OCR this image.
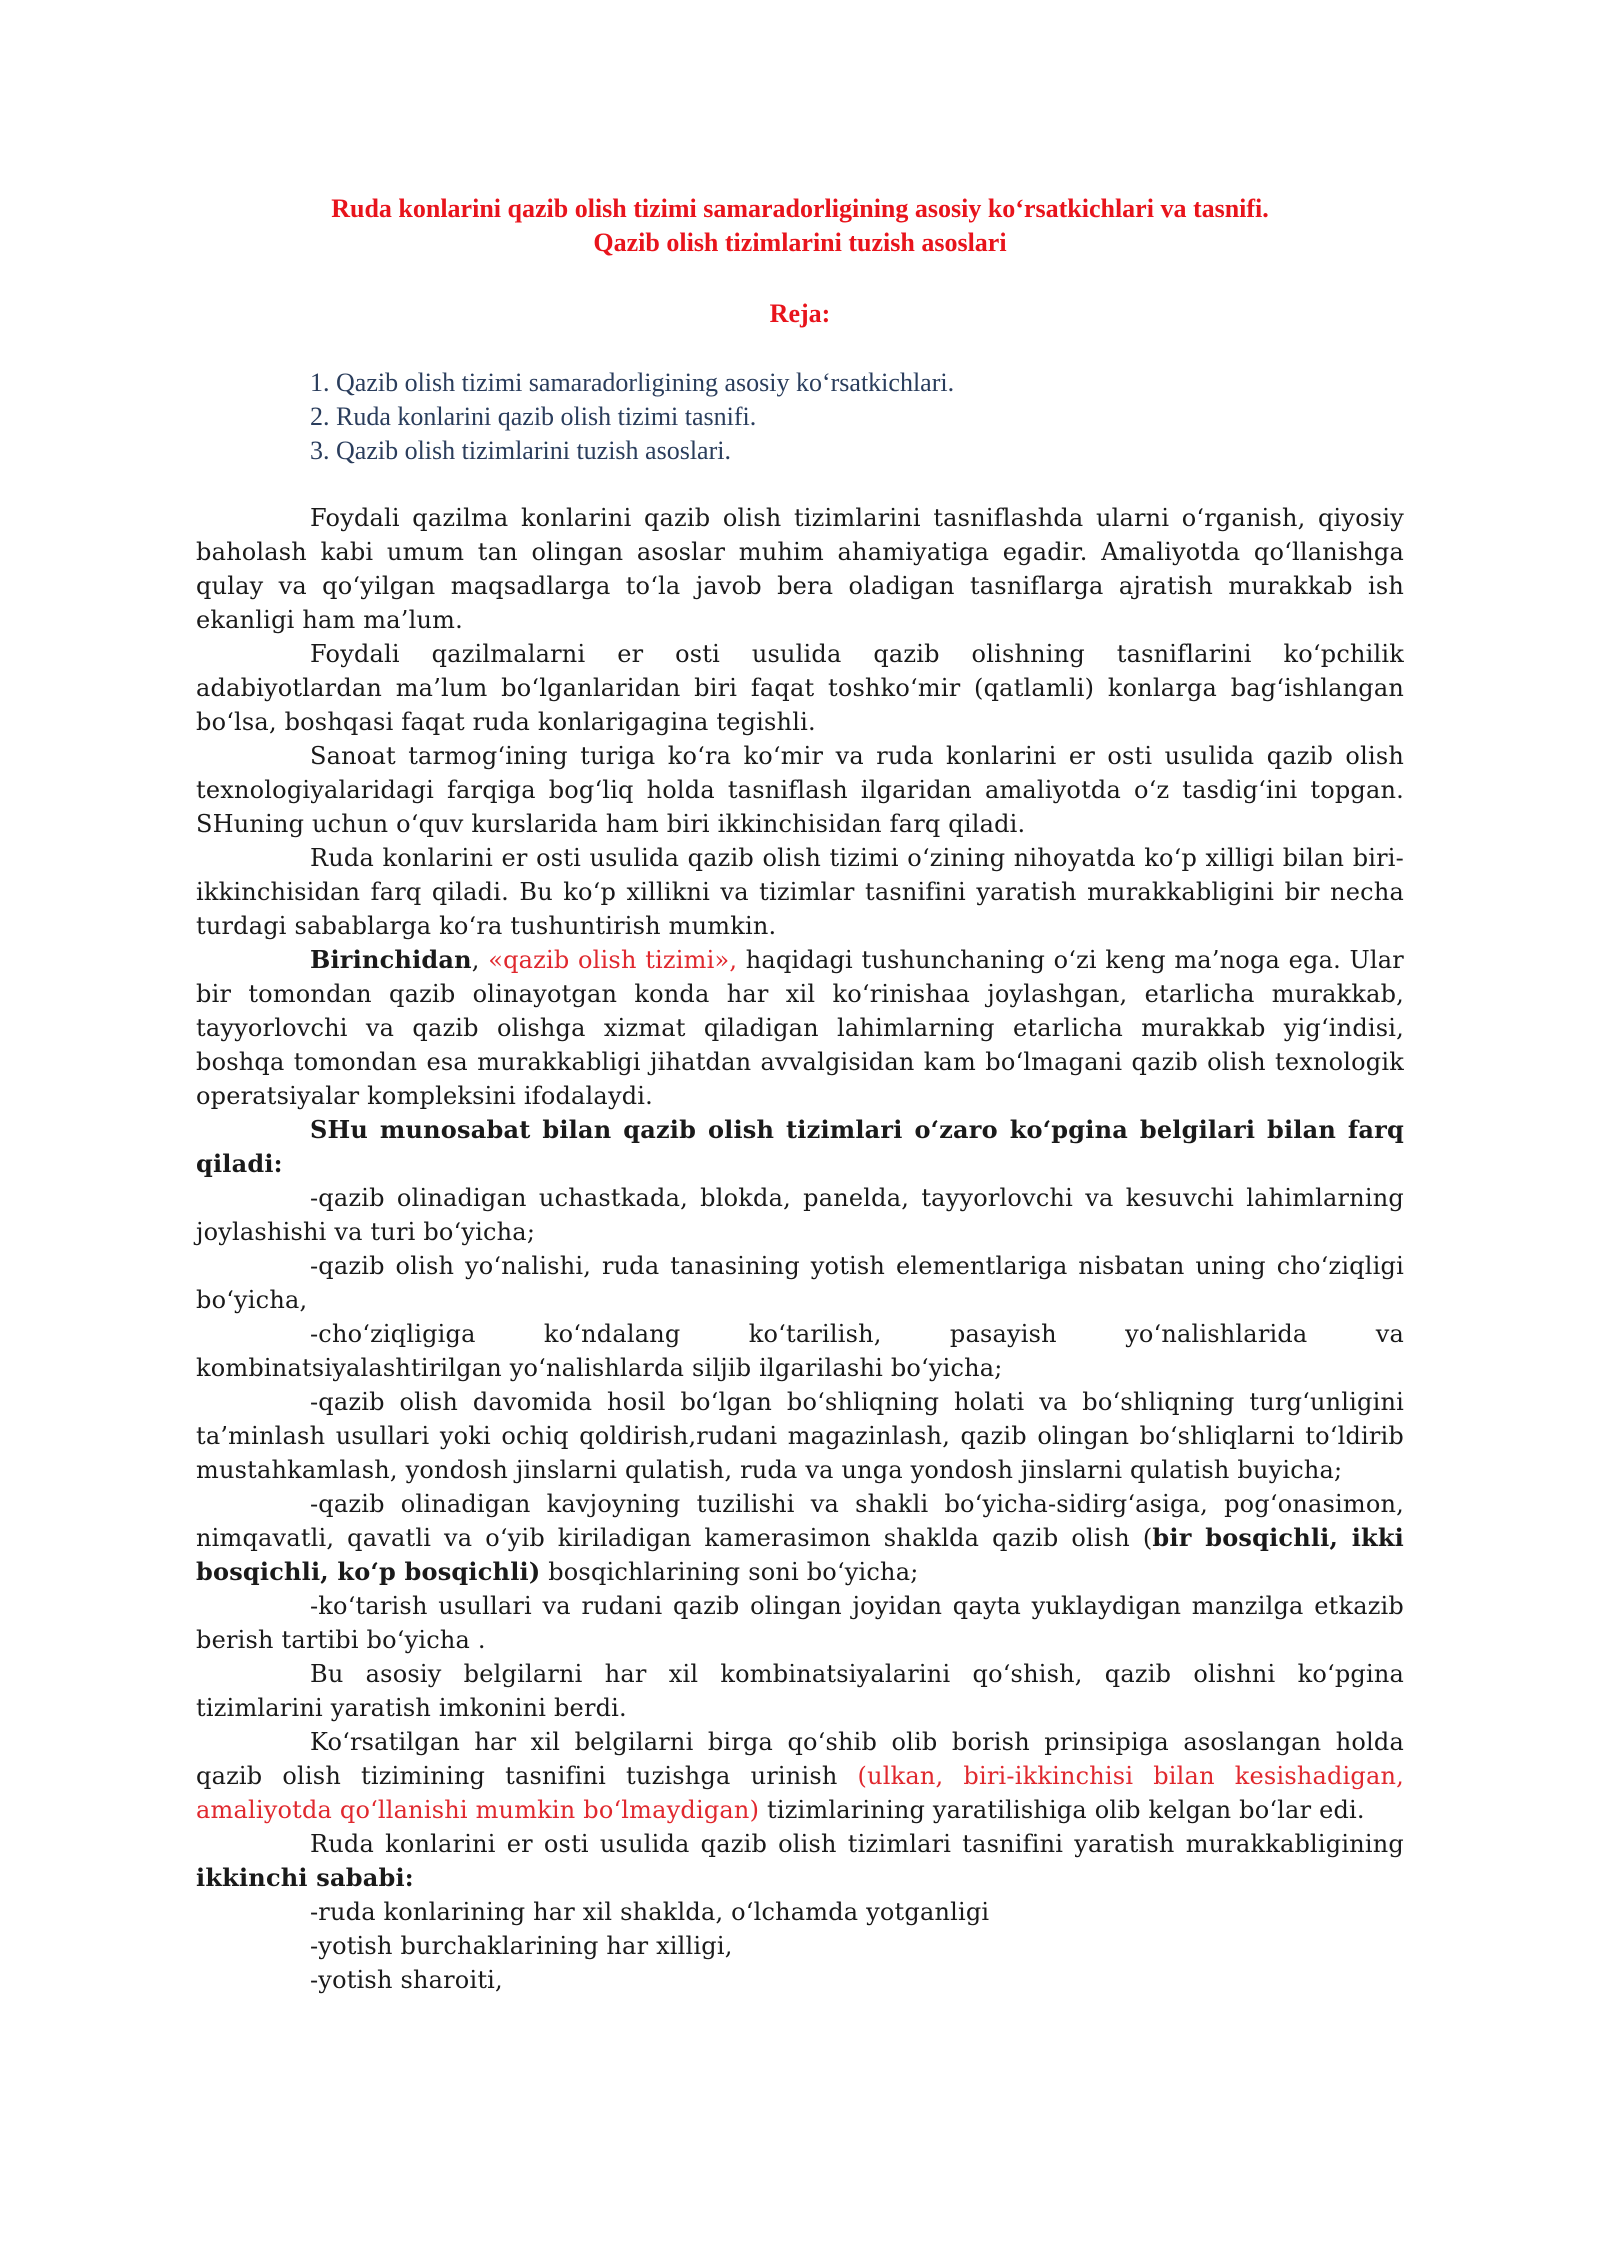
Ruda konlarini qazib olish tizimi samaradorligining asosiy ko‘rsatkichlari va tasnifi.
Qazib olish tizimlarini tuzish asoslari
Reja:
1. Qazib olish tizimi samaradorligining asosiy ko‘rsatkichlari.
2. Ruda konlarini qazib olish tizimi tasnifi.
3. Qazib olish tizimlarini tuzish asoslari.

Foydali qazilma konlarini qazib olish tizimlarini tasniflashda ularni o‘rganish, qiyosiy baholash kabi umum tan olingan asoslar muhim ahamiyatiga egadir. Amaliyotda qo‘llanishga qulay va qo‘yilgan maqsadlarga to‘la javob bera oladigan tasniflarga ajratish murakkab ish ekanligi ham ma’lum.

Foydali qazilmalarni er osti usulida qazib olishning tasniflarini ko‘pchilik adabiyotlardan ma’lum bo‘lganlaridan biri faqat toshko‘mir (qatlamli) konlarga bag‘ishlangan bo‘lsa, boshqasi faqat ruda konlarigagina tegishli.

Sanoat tarmog‘ining turiga ko‘ra ko‘mir va ruda konlarini er osti usulida qazib olish texnologiyalaridagi farqiga bog‘liq holda tasniflash ilgaridan amaliyotda o‘z tasdig‘ini topgan. SHuning uchun o‘quv kurslarida ham biri ikkinchisidan farq qiladi.

Ruda konlarini er osti usulida qazib olish tizimi o‘zining nihoyatda ko‘p xilligi bilan biri-ikkinchisidan farq qiladi. Bu ko‘p xillikni va tizimlar tasnifini yaratish murakkabligini bir necha turdagi sabablarga ko‘ra tushuntirish mumkin.

Birinchidan, «qazib olish tizimi», haqidagi tushunchaning o‘zi keng ma’noga ega. Ular bir tomondan qazib olinayotgan konda har xil ko‘rinishaa joylashgan, etarlicha murakkab, tayyorlovchi va qazib olishga xizmat qiladigan lahimlarning etarlicha murakkab yig‘indisi, boshqa tomondan esa murakkabligi jihatdan avvalgisidan kam bo‘lmagani qazib olish texnologik operatsiyalar kompleksini ifodalaydi.

SHu munosabat bilan qazib olish tizimlari o‘zaro ko‘pgina belgilari bilan farq qiladi:

-qazib olinadigan uchastkada, blokda, panelda, tayyorlovchi va kesuvchi lahimlarning joylashishi va turi bo‘yicha;

-qazib olish yo‘nalishi, ruda tanasining yotish elementlariga nisbatan uning cho‘ziqligi bo‘yicha,

-cho‘ziqligiga ko‘ndalang ko‘tarilish, pasayish yo‘nalishlarida va kombinatsiyalashtirilgan yo‘nalishlarda siljib ilgarilashi bo‘yicha;

-qazib olish davomida hosil bo‘lgan bo‘shliqning holati va bo‘shliqning turg‘unligini ta’minlash usullari yoki ochiq qoldirish,rudani magazinlash, qazib olingan bo‘shliqlarni to‘ldirib mustahkamlash, yondosh jinslarni qulatish, ruda va unga yondosh jinslarni qulatish buyicha;

-qazib olinadigan kavjoyning tuzilishi va shakli bo‘yicha-sidirg‘asiga, pog‘onasimon, nimqavatli, qavatli va o‘yib kiriladigan kamerasimon shaklda qazib olish (bir bosqichli, ikki bosqichli, ko‘p bosqichli) bosqichlarining soni bo‘yicha;

-ko‘tarish usullari va rudani qazib olingan joyidan qayta yuklaydigan manzilga etkazib berish tartibi bo‘yicha .

Bu asosiy belgilarni har xil kombinatsiyalarini qo‘shish, qazib olishni ko‘pgina tizimlarini yaratish imkonini berdi.

Ko‘rsatilgan har xil belgilarni birga qo‘shib olib borish prinsipiga asoslangan holda qazib olish tizimining tasnifini tuzishga urinish (ulkan, biri-ikkinchisi bilan kesishadigan, amaliyotda qo‘llanishi mumkin bo‘lmaydigan) tizimlarining yaratilishiga olib kelgan bo‘lar edi.

Ruda konlarini er osti usulida qazib olish tizimlari tasnifini yaratish murakkabligining ikkinchi sababi:

-ruda konlarining har xil shaklda, o‘lchamda yotganligi

-yotish burchaklarining har xilligi,

-yotish sharoiti,
